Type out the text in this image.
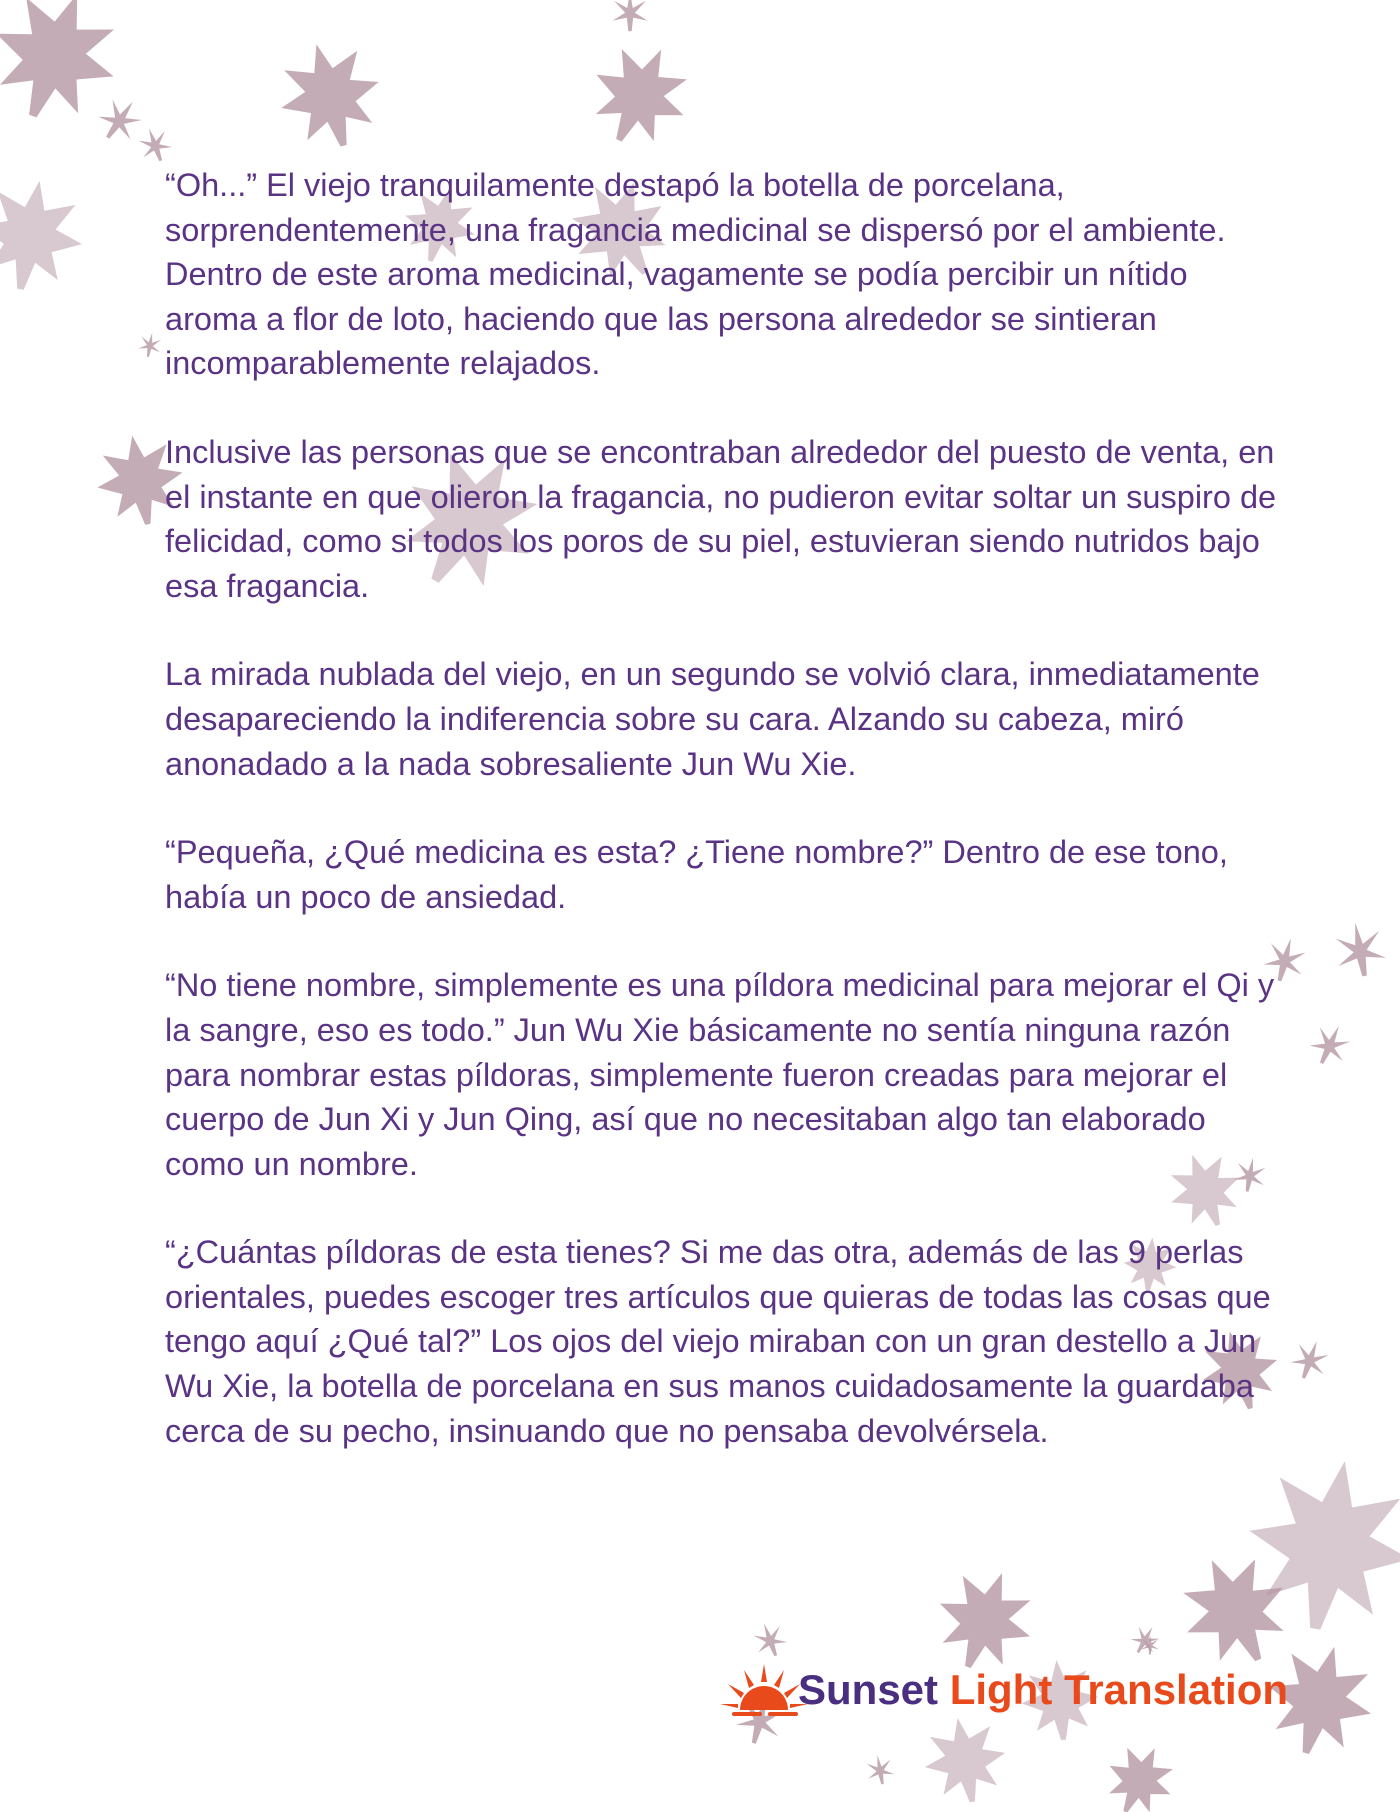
“Oh...” El viejo tranquilamente destapó la botella de porcelana, sorprendentemente, una fragancia medicinal se dispersó por el ambiente. Dentro de este aroma medicinal, vagamente se podía percibir un nítido aroma a flor de loto, haciendo que las persona alrededor se sintieran incomparablemente relajados.

Inclusive las personas que se encontraban alrededor del puesto de venta, en el instante en que olieron la fragancia, no pudieron evitar soltar un suspiro de felicidad, como si todos los poros de su piel, estuvieran siendo nutridos bajo esa fragancia.

La mirada nublada del viejo, en un segundo se volvió clara, inmediatamente desapareciendo la indiferencia sobre su cara. Alzando su cabeza, miró anonadado a la nada sobresaliente Jun Wu Xie.

“Pequeña, ¿Qué medicina es esta? ¿Tiene nombre?” Dentro de ese tono, había un poco de ansiedad.

“No tiene nombre, simplemente es una píldora medicinal para mejorar el Qi y la sangre, eso es todo.” Jun Wu Xie básicamente no sentía ninguna razón para nombrar estas píldoras, simplemente fueron creadas para mejorar el cuerpo de Jun Xi y Jun Qing, así que no necesitaban algo tan elaborado como un nombre.

“¿Cuántas píldoras de esta tienes? Si me das otra, además de las 9 perlas orientales, puedes escoger tres artículos que quieras de todas las cosas que tengo aquí ¿Qué tal?” Los ojos del viejo miraban con un gran destello a Jun Wu Xie, la botella de porcelana en sus manos cuidadosamente la guardaba cerca de su pecho, insinuando que no pensaba devolvérsela.

Sunset Light Translation
